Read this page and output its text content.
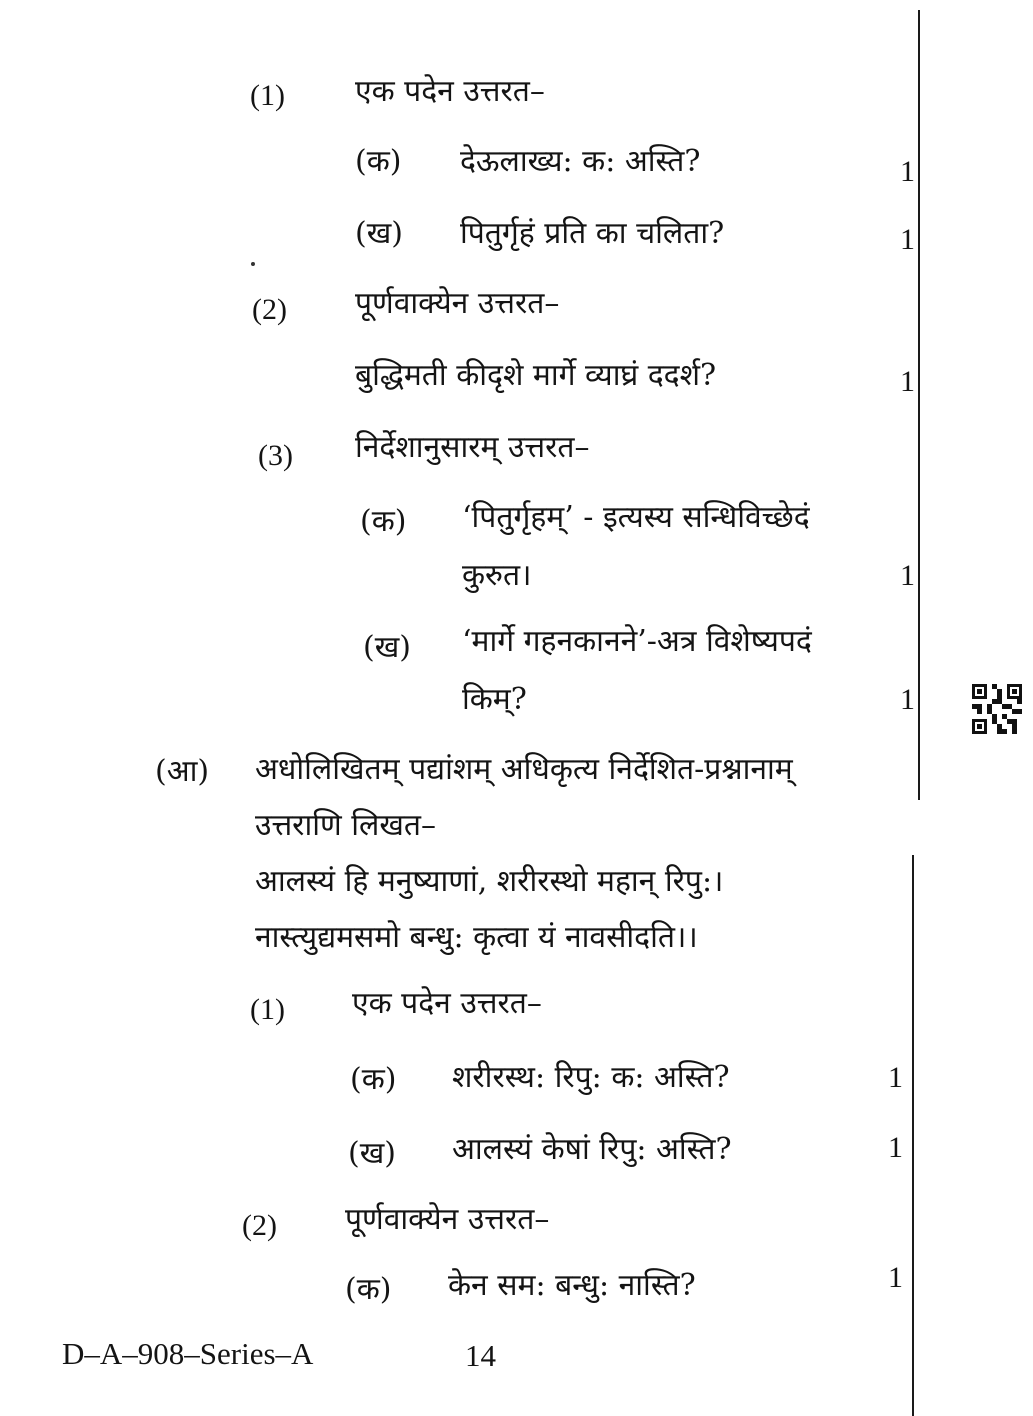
(1) एक पदेन उत्तरत–
(क) देऊलाख्य: क: अस्ति?	1
(ख) पितुर्गृहं प्रति का चलिता?	1
(2) पूर्णवाक्येन उत्तरत–
बुद्धिमती कीदृशे मार्गे व्याघ्रं ददर्श?	1
(3) निर्देशानुसारम् उत्तरत–
(क) ‘पितुर्गृहम्’ - इत्यस्य सन्धिविच्छेदं
कुरुत।	1
(ख) ‘मार्गे गहनकानने’-अत्र विशेष्यपदं
किम्?	1
(आ) अधोलिखितम् पद्यांशम् अधिकृत्य निर्देशित-प्रश्नानाम्
उत्तराणि लिखत–
आलस्यं हि मनुष्याणां, शरीरस्थो महान् रिपु:।
नास्त्युद्यमसमो बन्धु: कृत्वा यं नावसीदति।।
(1) एक पदेन उत्तरत–
(क) शरीरस्थ: रिपु: क: अस्ति?	1
(ख) आलस्यं केषां रिपु: अस्ति?	1
(2) पूर्णवाक्येन उत्तरत–
(क) केन सम: बन्धु: नास्ति?	1
D–A–908–Series–A	14
